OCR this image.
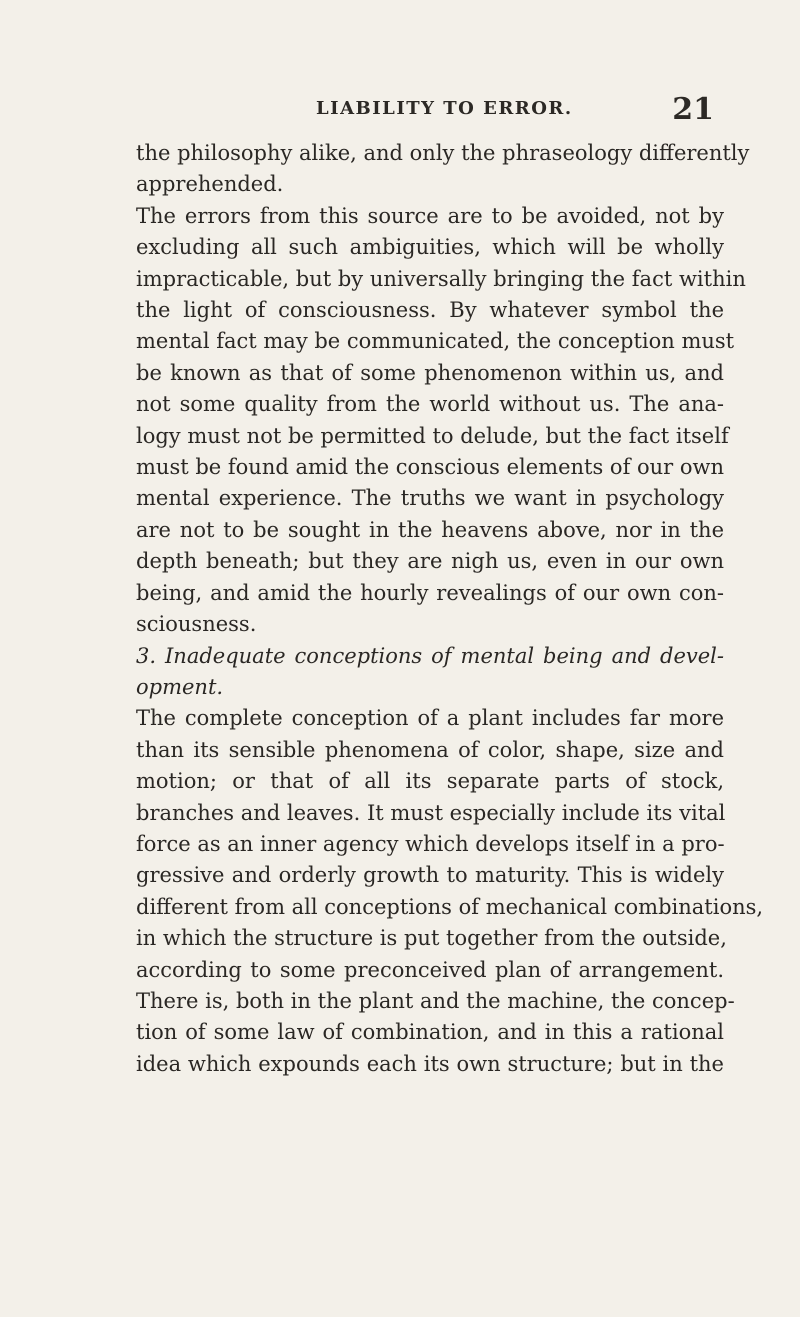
LIABILITY TO ERROR.	21
the philosophy alike, and only the phraseology differently
apprehended.
The errors from this source are to be avoided, not by
excluding all such ambiguities, which will be wholly
impracticable, but by universally bringing the fact within
the light of consciousness. By whatever symbol the
mental fact may be communicated, the conception must
be known as that of some phenomenon within us, and
not some quality from the world without us. The ana-
logy must not be permitted to delude, but the fact itself
must be found amid the conscious elements of our own
mental experience. The truths we want in psychology
are not to be sought in the heavens above, nor in the
depth beneath; but they are nigh us, even in our own
being, and amid the hourly revealings of our own con-
sciousness.
3. Inadequate conceptions of mental being and devel-
opment.
The complete conception of a plant includes far more
than its sensible phenomena of color, shape, size and
motion; or that of all its separate parts of stock,
branches and leaves. It must especially include its vital
force as an inner agency which develops itself in a pro-
gressive and orderly growth to maturity. This is widely
different from all conceptions of mechanical combinations,
in which the structure is put together from the outside,
according to some preconceived plan of arrangement.
There is, both in the plant and the machine, the concep-
tion of some law of combination, and in this a rational
idea which expounds each its own structure; but in the
